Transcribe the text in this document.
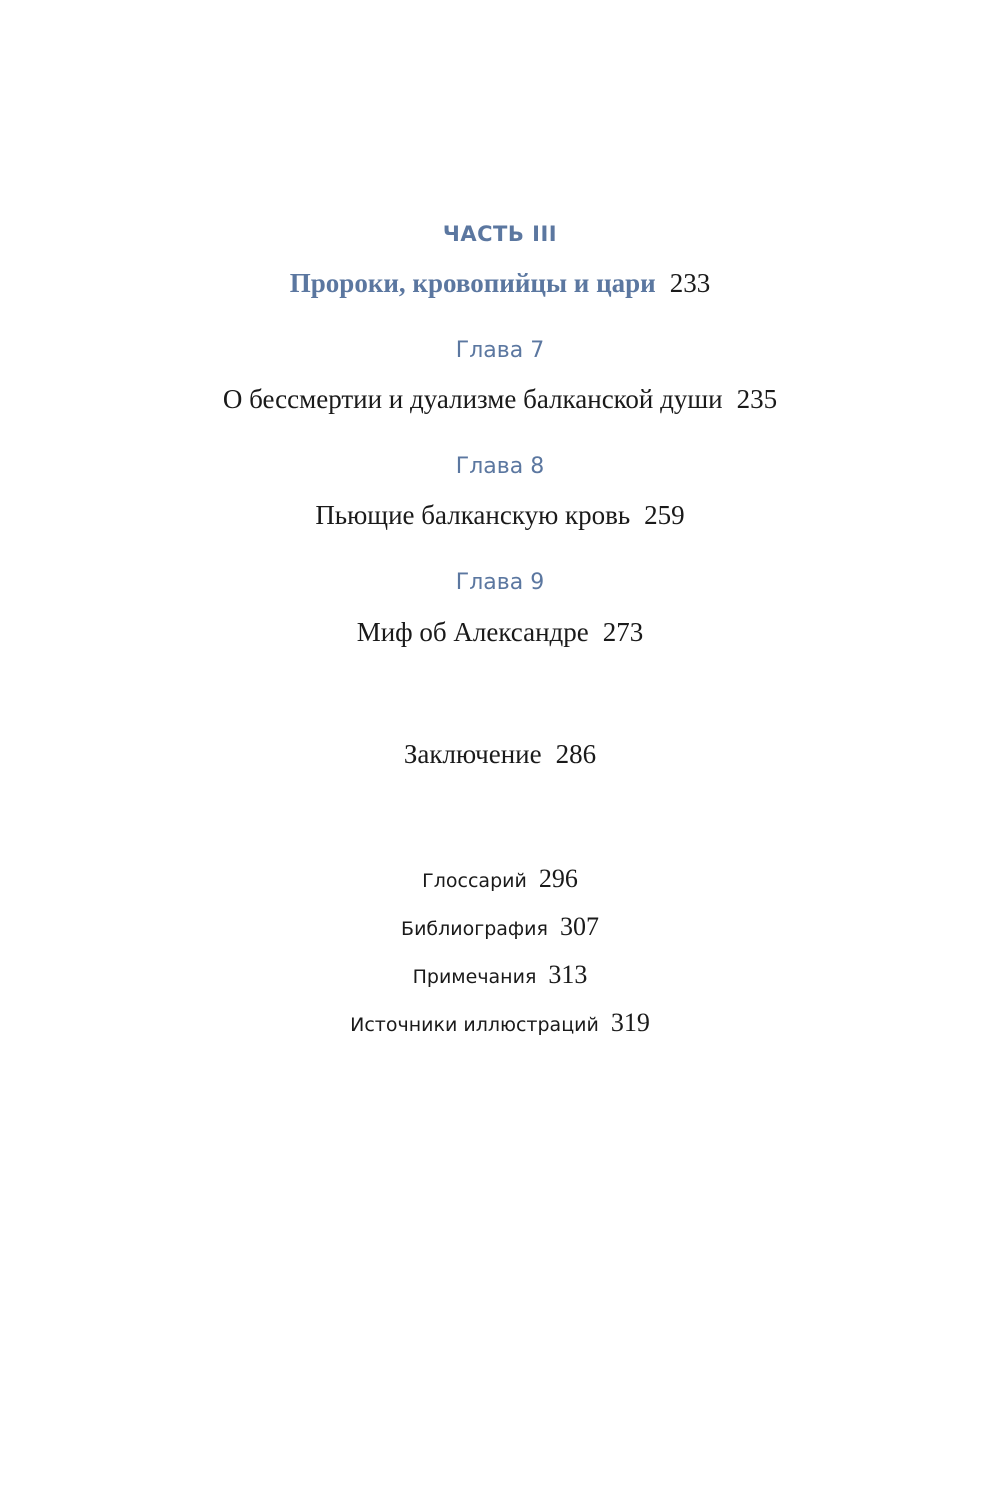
ЧАСТЬ III
Пророки, кровопийцы и цари 233
Глава 7
О бессмертии и дуализме балканской души 235
Глава 8
Пьющие балканскую кровь 259
Глава 9
Миф об Александре 273
Заключение 286
Глоссарий 296
Библиография 307
Примечания 313
Источники иллюстраций 319
